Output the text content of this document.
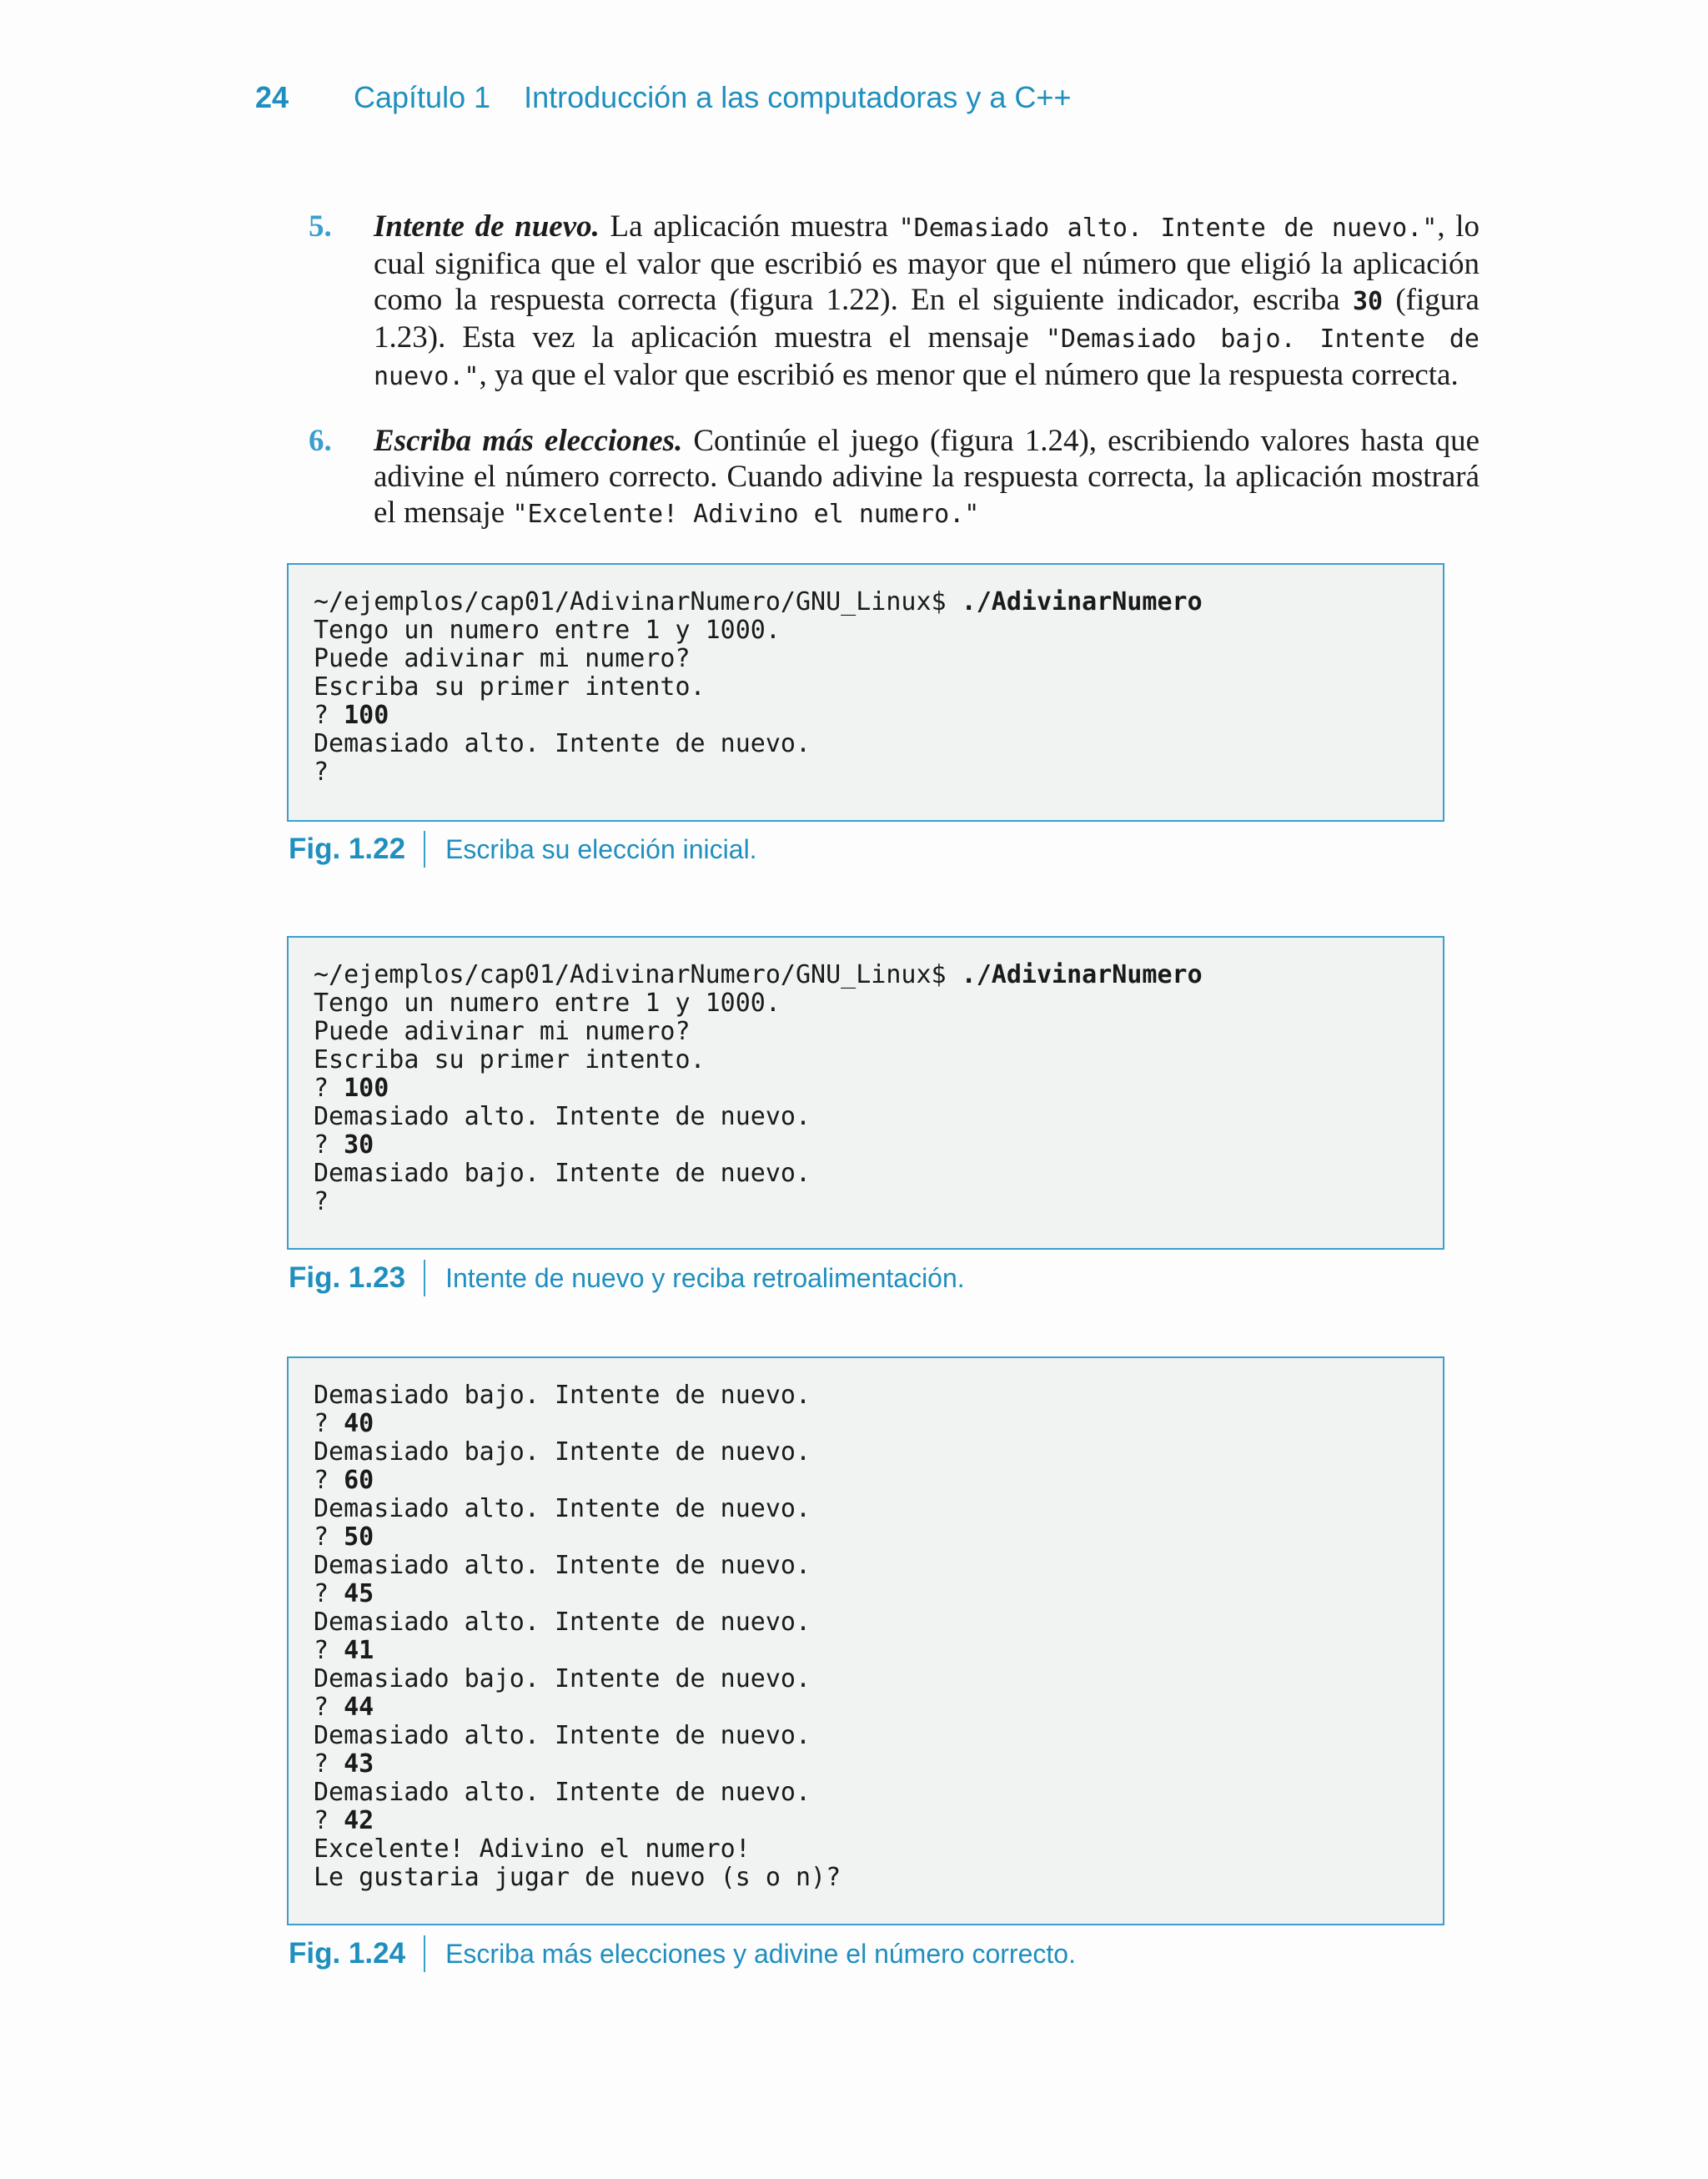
24	Capítulo 1 Introducción a las computadoras y a C++
5. Intente de nuevo. La aplicación muestra "Demasiado alto. Intente de nuevo.", lo cual significa que el valor que escribió es mayor que el número que eligió la aplicación como la respuesta correcta (figura 1.22). En el siguiente indicador, escriba 30 (figura 1.23). Esta vez la aplicación muestra el mensaje "Demasiado bajo. Intente de nuevo.", ya que el valor que escribió es menor que el número que la respuesta correcta.
6. Escriba más elecciones. Continúe el juego (figura 1.24), escribiendo valores hasta que adivine el número correcto. Cuando adivine la respuesta correcta, la aplicación mostrará el mensaje "Excelente! Adivino el numero."
~/ejemplos/cap01/AdivinarNumero/GNU_Linux$ ./AdivinarNumero
Tengo un numero entre 1 y 1000.
Puede adivinar mi numero?
Escriba su primer intento.
? 100
Demasiado alto. Intente de nuevo.
?
Fig. 1.22 Escriba su elección inicial.
~/ejemplos/cap01/AdivinarNumero/GNU_Linux$ ./AdivinarNumero
Tengo un numero entre 1 y 1000.
Puede adivinar mi numero?
Escriba su primer intento.
? 100
Demasiado alto. Intente de nuevo.
? 30
Demasiado bajo. Intente de nuevo.
?
Fig. 1.23 Intente de nuevo y reciba retroalimentación.
Demasiado bajo. Intente de nuevo.
? 40
Demasiado bajo. Intente de nuevo.
? 60
Demasiado alto. Intente de nuevo.
? 50
Demasiado alto. Intente de nuevo.
? 45
Demasiado alto. Intente de nuevo.
? 41
Demasiado bajo. Intente de nuevo.
? 44
Demasiado alto. Intente de nuevo.
? 43
Demasiado alto. Intente de nuevo.
? 42
Excelente! Adivino el numero!
Le gustaria jugar de nuevo (s o n)?
Fig. 1.24 Escriba más elecciones y adivine el número correcto.
